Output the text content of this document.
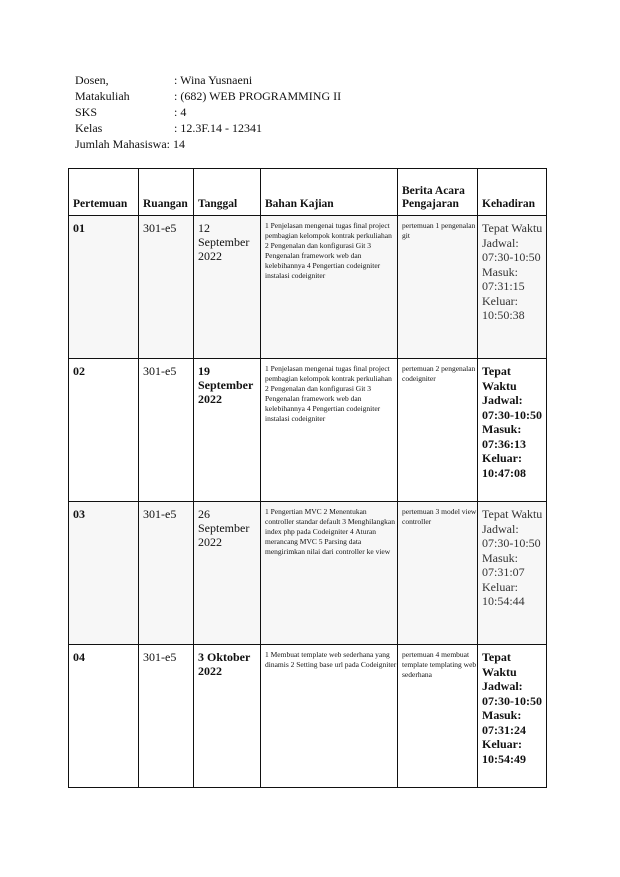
Dosen,	: Wina Yusnaeni
Matakuliah	: (682) WEB PROGRAMMING II
SKS	: 4
Kelas	: 12.3F.14 - 12341
Jumlah Mahasiswa : 14
Pertemuan	Ruangan	Tanggal	Bahan Kajian	Berita Acara Pengajaran	Kehadiran
01	301-e5	12 September 2022	1 Penjelasan mengenai tugas final project pembagian kelompok kontrak perkuliahan 2 Pengenalan dan konfigurasi Git 3 Pengenalan framework web dan kelebihannya 4 Pengertian codeigniter instalasi codeigniter	pertemuan 1 pengenalan git	Tepat Waktu Jadwal: 07:30-10:50 Masuk: 07:31:15 Keluar: 10:50:38
02	301-e5	19 September 2022	1 Penjelasan mengenai tugas final project pembagian kelompok kontrak perkuliahan 2 Pengenalan dan konfigurasi Git 3 Pengenalan framework web dan kelebihannya 4 Pengertian codeigniter instalasi codeigniter	pertemuan 2 pengenalan codeigniter	Tepat Waktu Jadwal: 07:30-10:50 Masuk: 07:36:13 Keluar: 10:47:08
03	301-e5	26 September 2022	1 Pengertian MVC 2 Menentukan controller standar default 3 Menghilangkan index php pada Codeigniter 4 Aturan merancang MVC 5 Parsing data mengirimkan nilai dari controller ke view	pertemuan 3 model view controller	Tepat Waktu Jadwal: 07:30-10:50 Masuk: 07:31:07 Keluar: 10:54:44
04	301-e5	3 Oktober 2022	1 Membuat template web sederhana yang dinamis 2 Setting base url pada Codeigniter	pertemuan 4 membuat template templating web sederhana	Tepat Waktu Jadwal: 07:30-10:50 Masuk: 07:31:24 Keluar: 10:54:49
